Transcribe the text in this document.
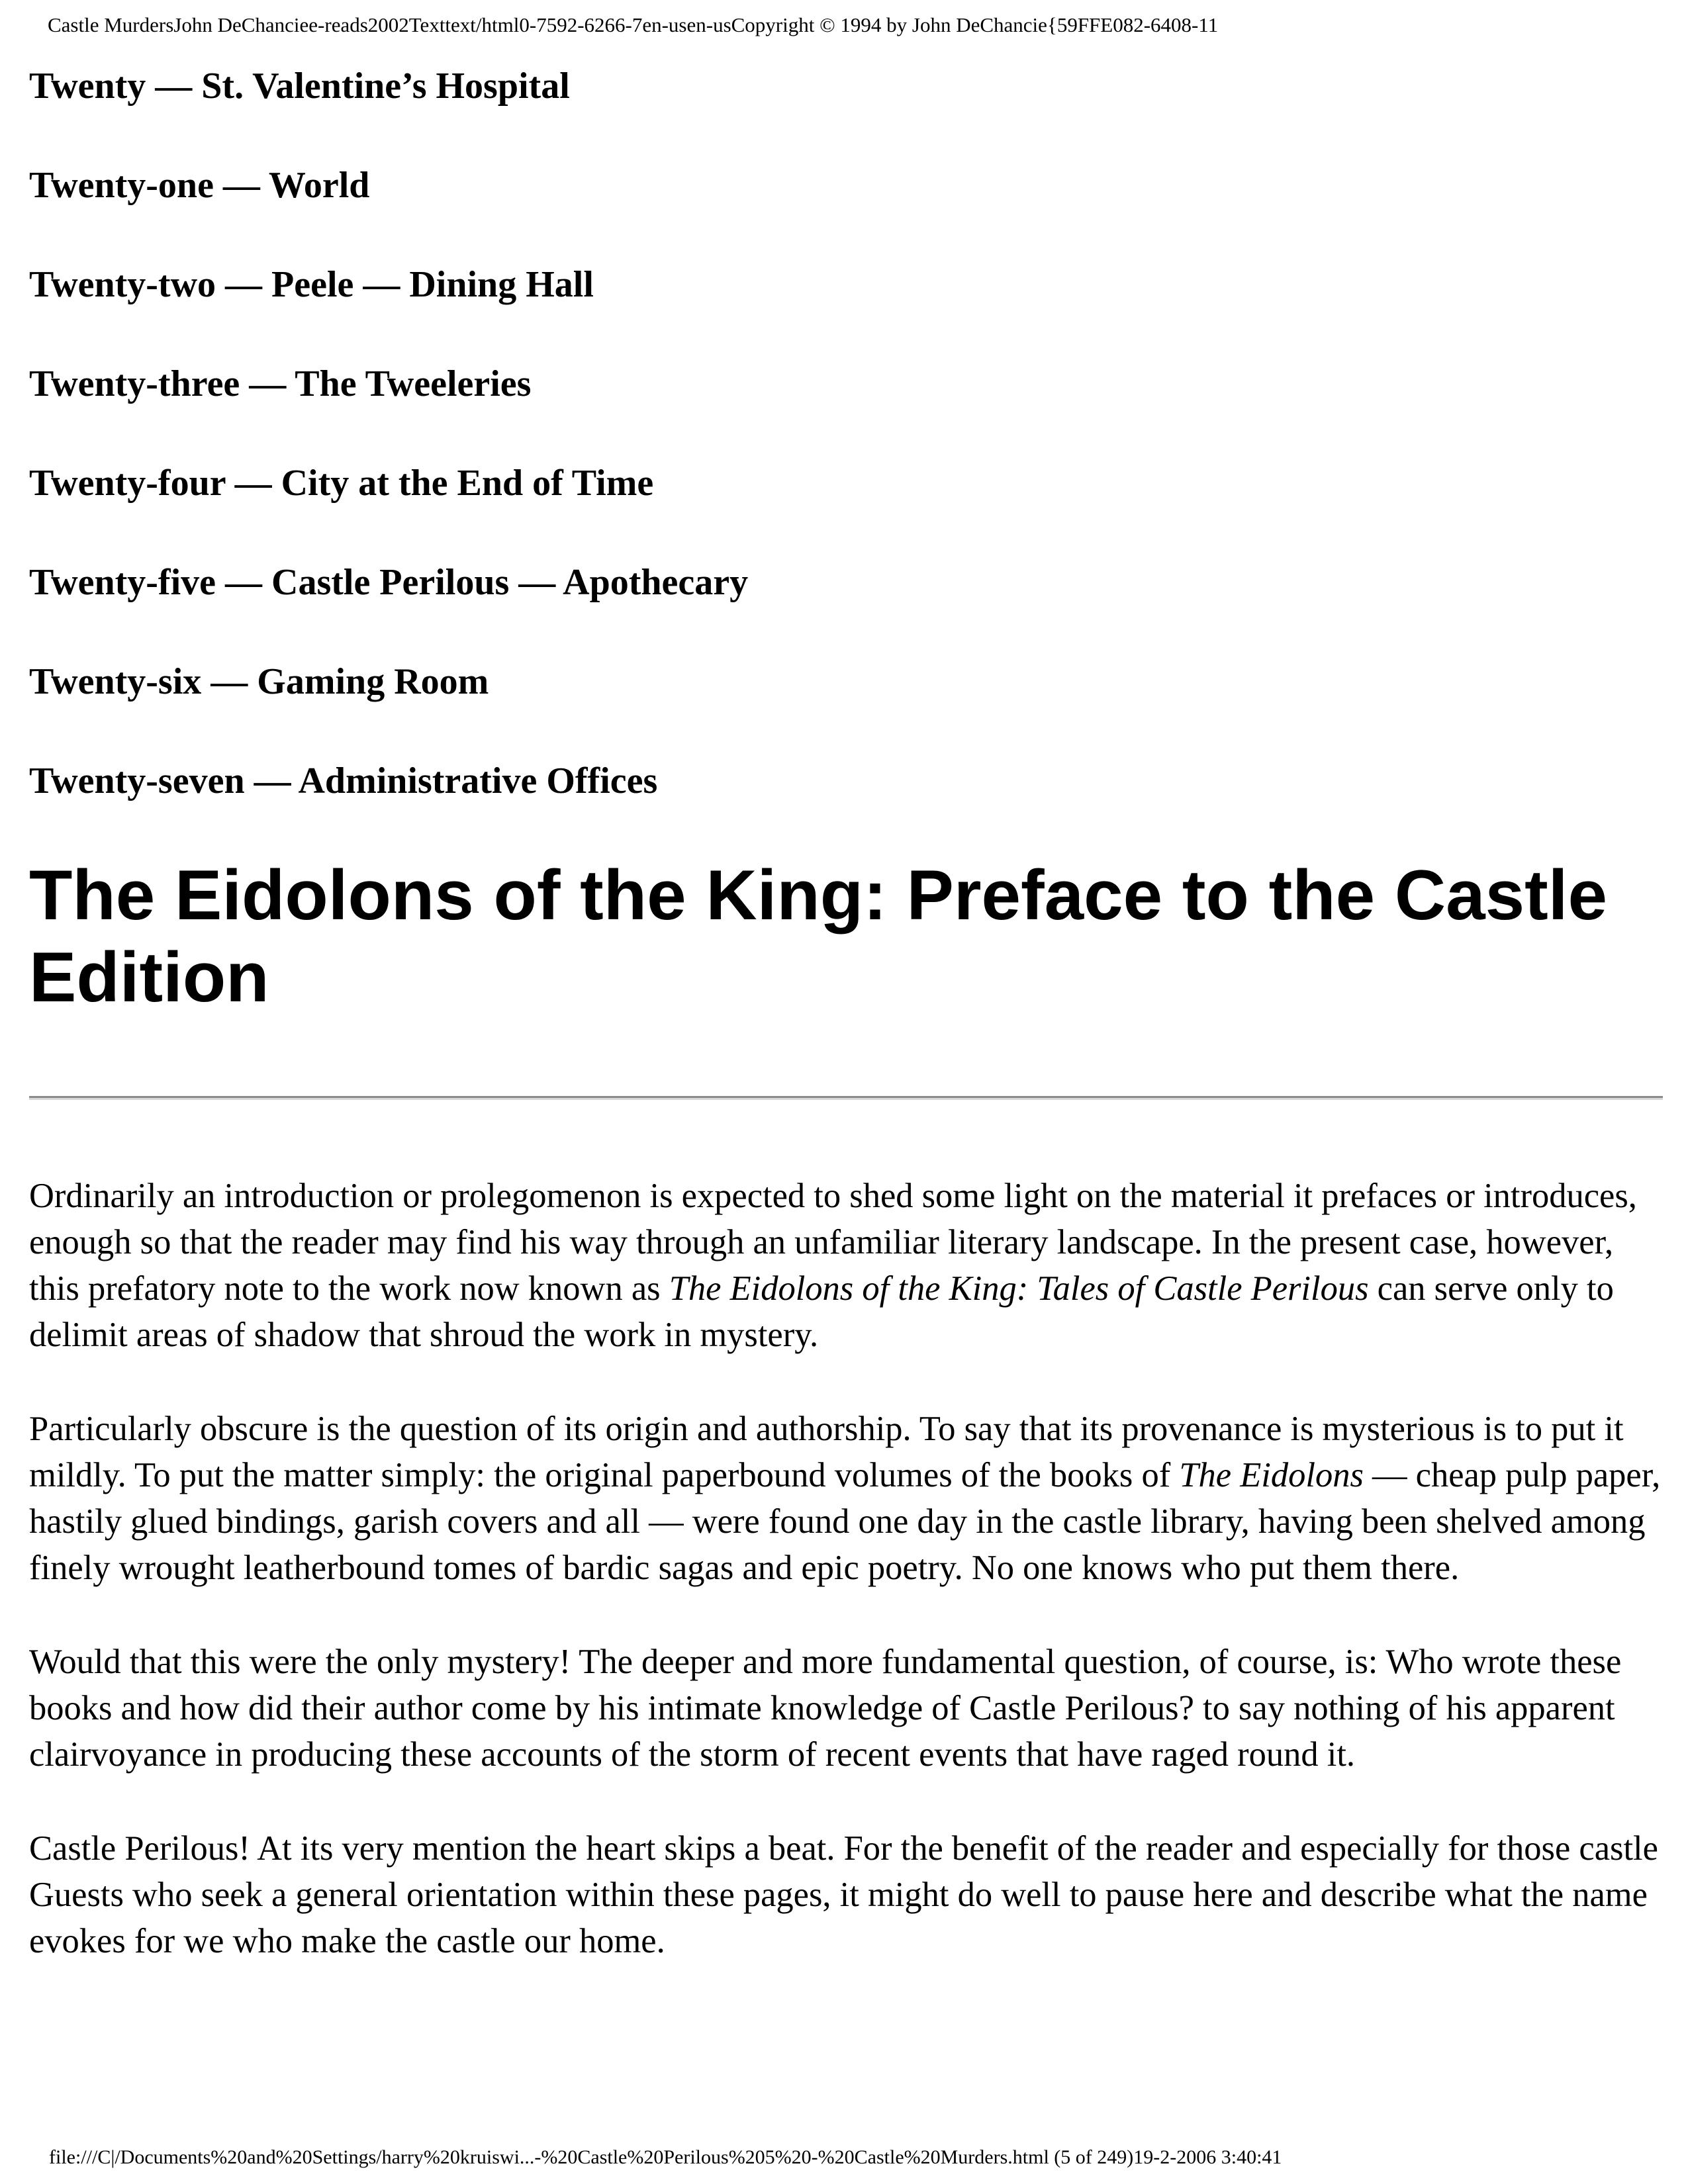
Castle MurdersJohn DeChanciee-reads2002Texttext/html0-7592-6266-7en-usen-usCopyright © 1994 by John DeChancie{59FFE082-6408-11
Twenty — St. Valentine’s Hospital
Twenty-one — World
Twenty-two — Peele — Dining Hall
Twenty-three — The Tweeleries
Twenty-four — City at the End of Time
Twenty-five — Castle Perilous — Apothecary
Twenty-six — Gaming Room
Twenty-seven — Administrative Offices
The Eidolons of the King: Preface to the Castle Edition

Ordinarily an introduction or prolegomenon is expected to shed some light on the material it prefaces or introduces, enough so that the reader may find his way through an unfamiliar literary landscape. In the present case, however, this prefatory note to the work now known as The Eidolons of the King: Tales of Castle Perilous can serve only to delimit areas of shadow that shroud the work in mystery.

Particularly obscure is the question of its origin and authorship. To say that its provenance is mysterious is to put it mildly. To put the matter simply: the original paperbound volumes of the books of The Eidolons — cheap pulp paper, hastily glued bindings, garish covers and all — were found one day in the castle library, having been shelved among finely wrought leatherbound tomes of bardic sagas and epic poetry. No one knows who put them there.

Would that this were the only mystery! The deeper and more fundamental question, of course, is: Who wrote these books and how did their author come by his intimate knowledge of Castle Perilous? to say nothing of his apparent clairvoyance in producing these accounts of the storm of recent events that have raged round it.

Castle Perilous! At its very mention the heart skips a beat. For the benefit of the reader and especially for those castle Guests who seek a general orientation within these pages, it might do well to pause here and describe what the name evokes for we who make the castle our home.

file:///C|/Documents%20and%20Settings/harry%20kruiswi...-%20Castle%20Perilous%205%20-%20Castle%20Murders.html (5 of 249)19-2-2006 3:40:41
